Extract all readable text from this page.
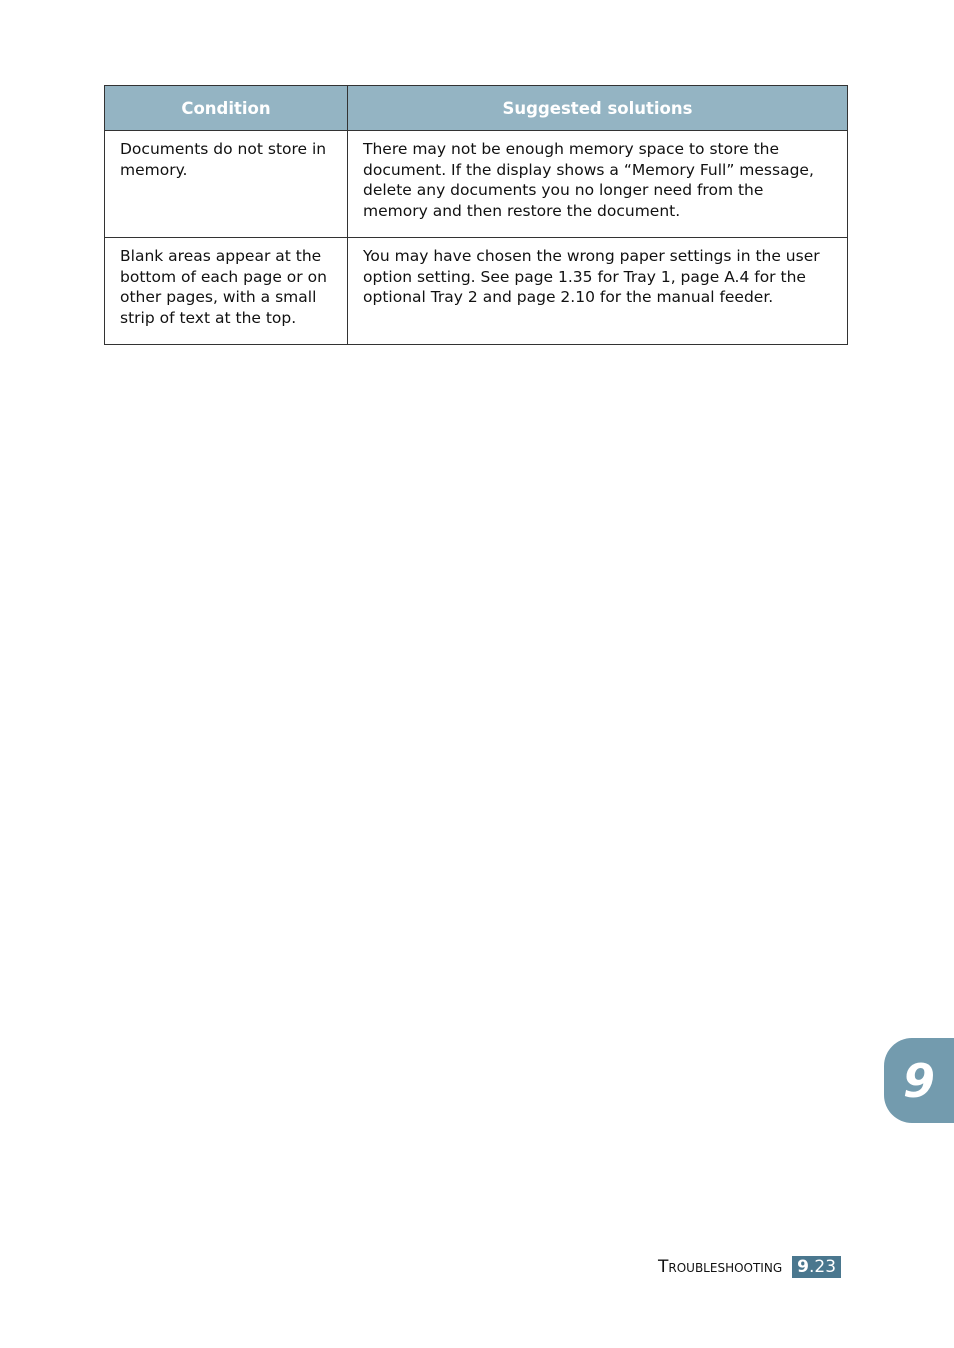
Condition	Suggested solutions
Documents do not store in memory.	There may not be enough memory space to store the document. If the display shows a “Memory Full” message, delete any documents you no longer need from the memory and then restore the document.
Blank areas appear at the bottom of each page or on other pages, with a small strip of text at the top.	You may have chosen the wrong paper settings in the user option setting. See page 1.35 for Tray 1, page A.4 for the optional Tray 2 and page 2.10 for the manual feeder.
9
Troubleshooting 9.23
